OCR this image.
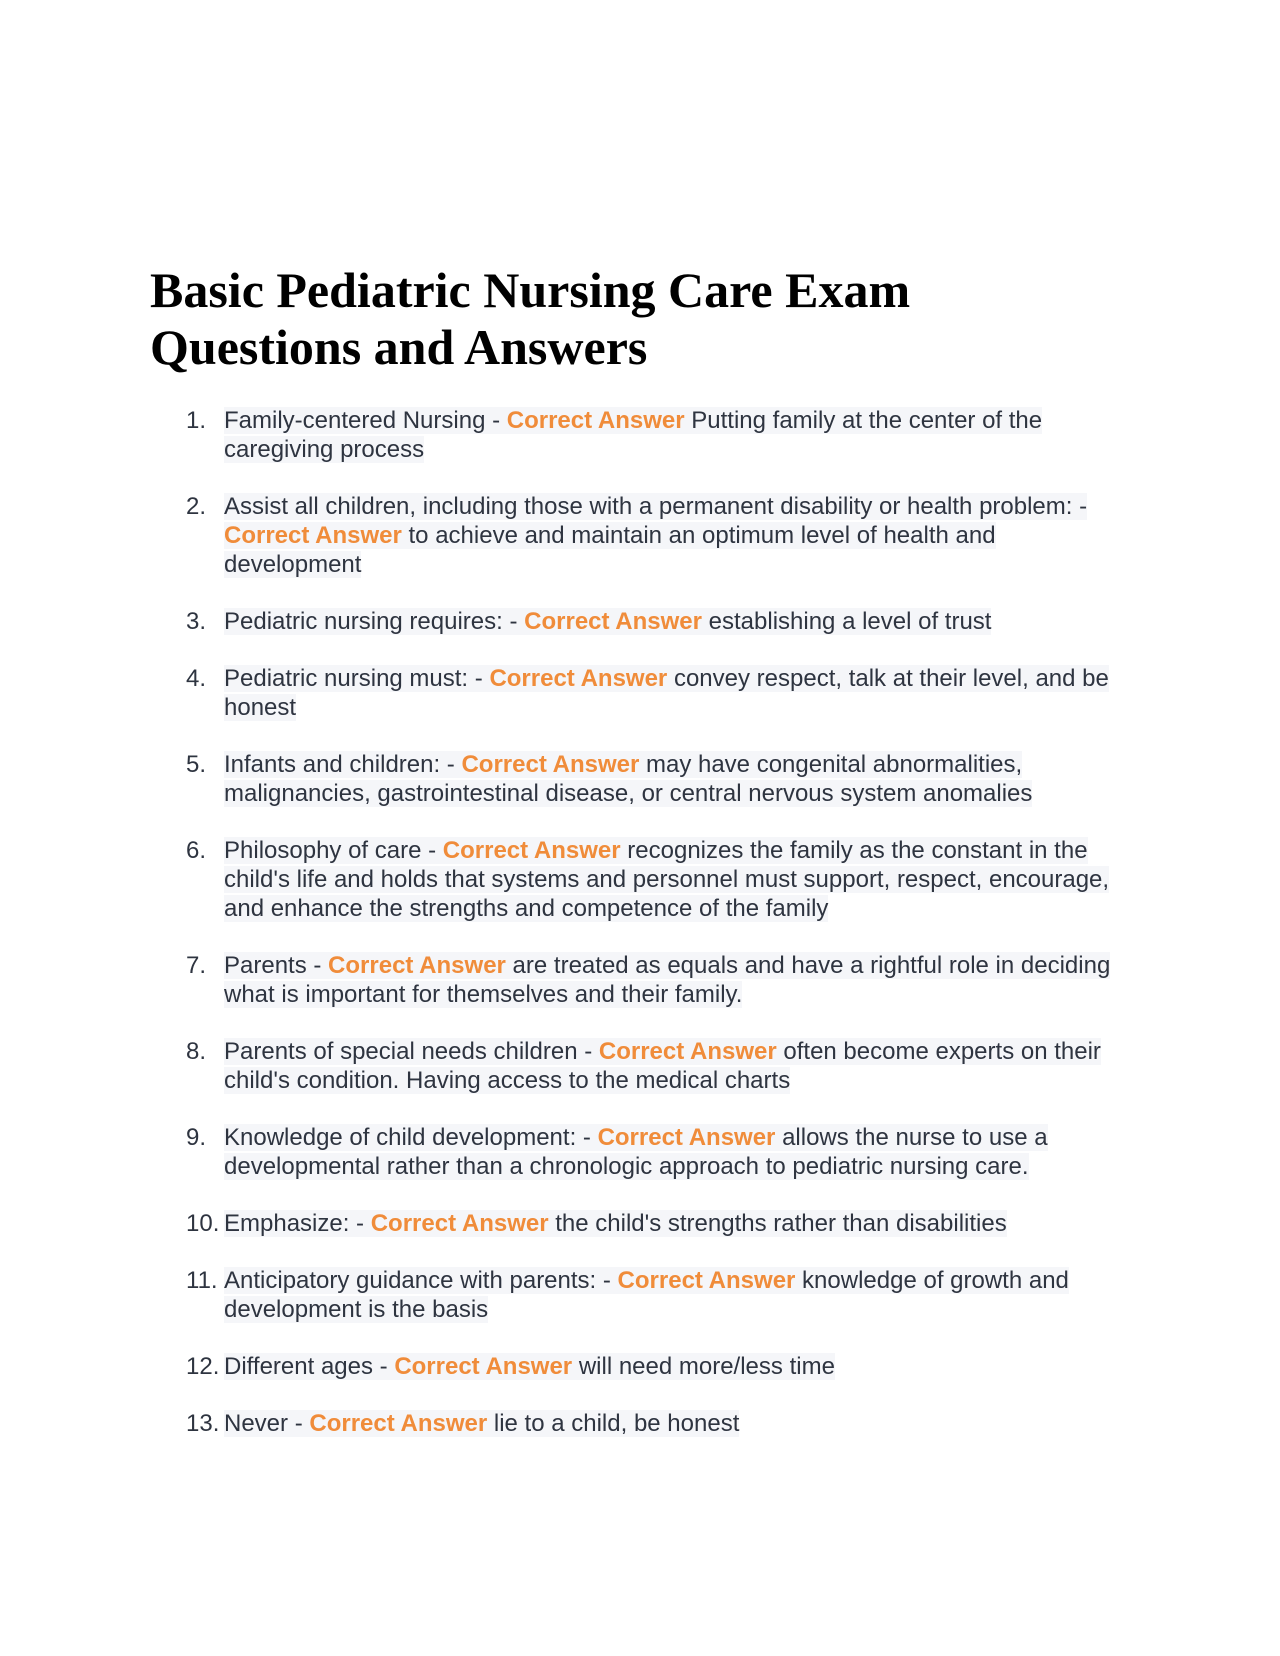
Basic Pediatric Nursing Care Exam Questions and Answers
1. Family-centered Nursing - Correct Answer Putting family at the center of the caregiving process
2. Assist all children, including those with a permanent disability or health problem: - Correct Answer to achieve and maintain an optimum level of health and development
3. Pediatric nursing requires: - Correct Answer establishing a level of trust
4. Pediatric nursing must: - Correct Answer convey respect, talk at their level, and be honest
5. Infants and children: - Correct Answer may have congenital abnormalities, malignancies, gastrointestinal disease, or central nervous system anomalies
6. Philosophy of care - Correct Answer recognizes the family as the constant in the child's life and holds that systems and personnel must support, respect, encourage, and enhance the strengths and competence of the family
7. Parents - Correct Answer are treated as equals and have a rightful role in deciding what is important for themselves and their family.
8. Parents of special needs children - Correct Answer often become experts on their child's condition. Having access to the medical charts
9. Knowledge of child development: - Correct Answer allows the nurse to use a developmental rather than a chronologic approach to pediatric nursing care.
10. Emphasize: - Correct Answer the child's strengths rather than disabilities
11. Anticipatory guidance with parents: - Correct Answer knowledge of growth and development is the basis
12. Different ages - Correct Answer will need more/less time
13. Never - Correct Answer lie to a child, be honest
